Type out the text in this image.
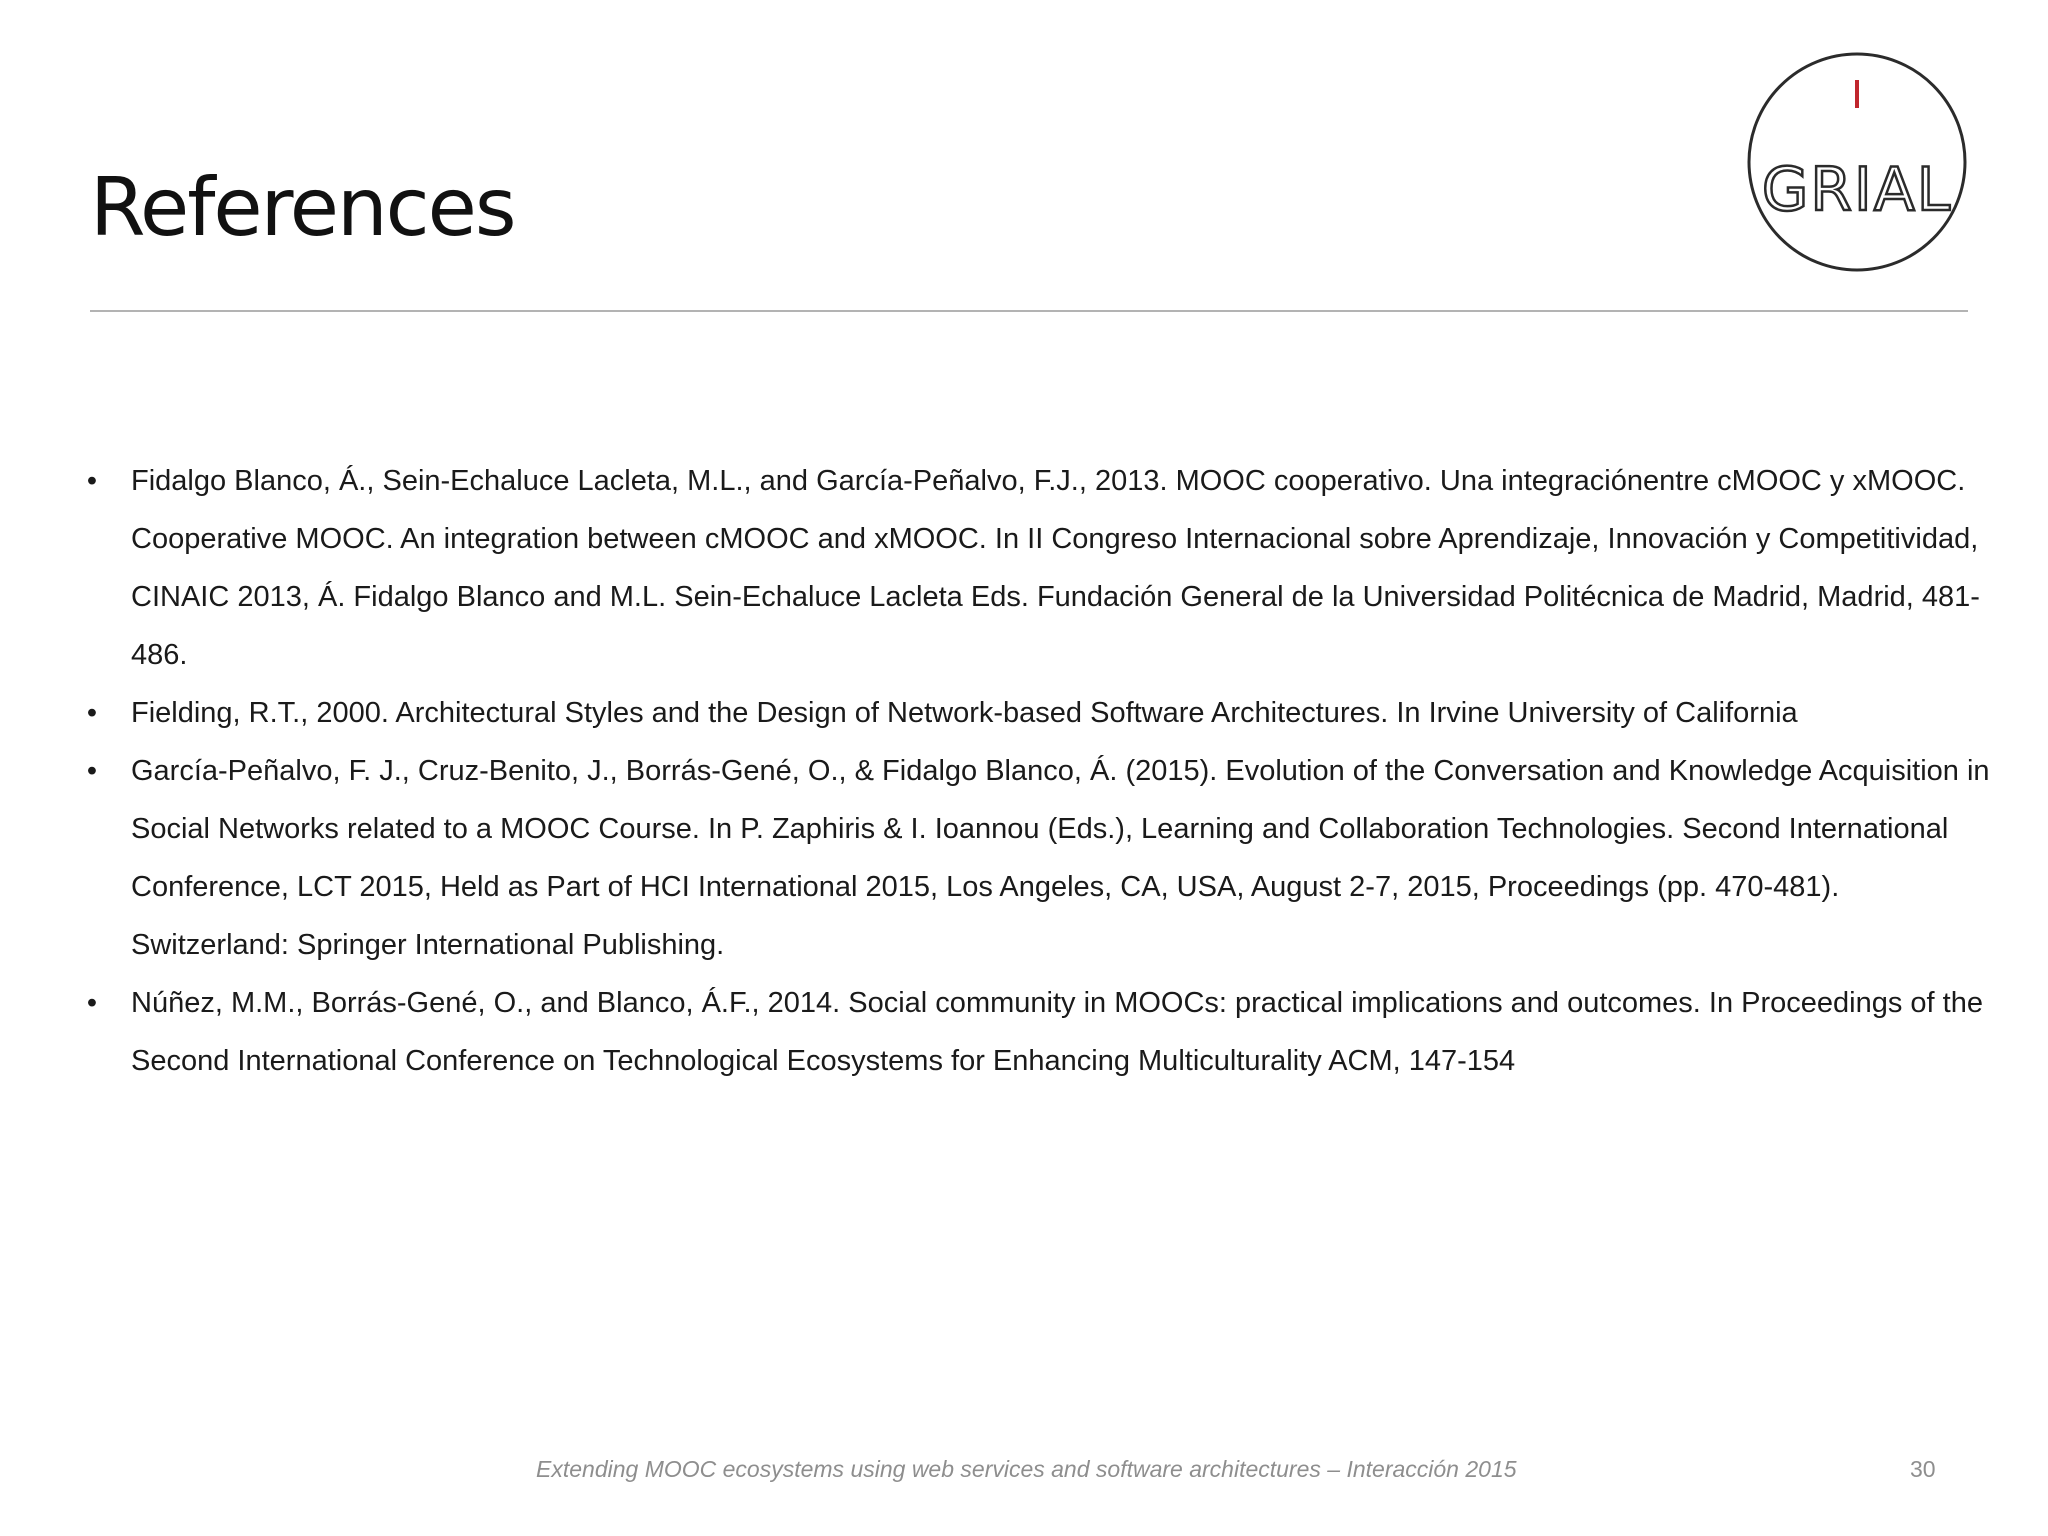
References	GRIAL
• Fidalgo Blanco, Á., Sein-Echaluce Lacleta, M.L., and García-Peñalvo, F.J., 2013. MOOC cooperativo. Una integraciónentre cMOOC y xMOOC. Cooperative MOOC. An integration between cMOOC and xMOOC. In II Congreso Internacional sobre Aprendizaje, Innovación y Competitividad, CINAIC 2013, Á. Fidalgo Blanco and M.L. Sein-Echaluce Lacleta Eds. Fundación General de la Universidad Politécnica de Madrid, Madrid, 481-486.
• Fielding, R.T., 2000. Architectural Styles and the Design of Network-based Software Architectures. In Irvine University of California
• García-Peñalvo, F. J., Cruz-Benito, J., Borrás-Gené, O., & Fidalgo Blanco, Á. (2015). Evolution of the Conversation and Knowledge Acquisition in Social Networks related to a MOOC Course. In P. Zaphiris & I. Ioannou (Eds.), Learning and Collaboration Technologies. Second International Conference, LCT 2015, Held as Part of HCI International 2015, Los Angeles, CA, USA, August 2-7, 2015, Proceedings (pp. 470-481). Switzerland: Springer International Publishing.
• Núñez, M.M., Borrás-Gené, O., and Blanco, Á.F., 2014. Social community in MOOCs: practical implications and outcomes. In Proceedings of the Second International Conference on Technological Ecosystems for Enhancing Multiculturality ACM, 147-154
Extending MOOC ecosystems using web services and software architectures – Interacción 2015	30
